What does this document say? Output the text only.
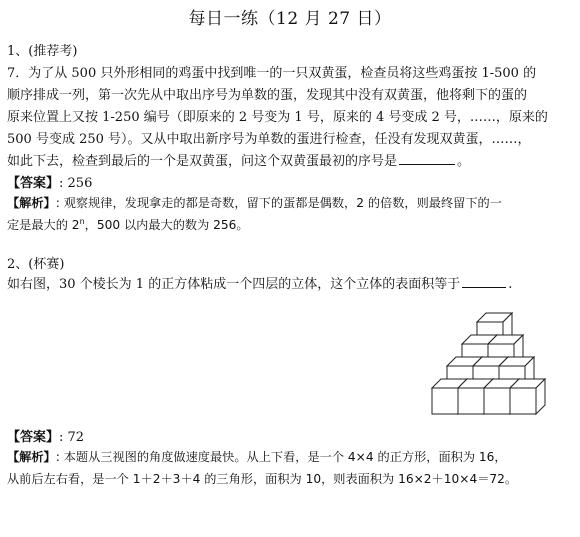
每日一练（12 月 27 日）
1、(推荐考)
7．为了从 500 只外形相同的鸡蛋中找到唯一的一只双黄蛋，检查员将这些鸡蛋按 1-500 的
顺序排成一列，第一次先从中取出序号为单数的蛋，发现其中没有双黄蛋，他将剩下的蛋的
原来位置上又按 1-250 编号（即原来的 2 号变为 1 号，原来的 4 号变成 2 号，……，原来的
500 号变成 250 号）。又从中取出新序号为单数的蛋进行检查，任没有发现双黄蛋，……，
如此下去，检查到最后的一个是双黄蛋，问这个双黄蛋最初的序号是	。
【答案】: 256
【解析】: 观察规律，发现拿走的都是奇数，留下的蛋都是偶数，2 的倍数，则最终留下的一
定是最大的 2$^n$，500 以内最大的数为 256。
2、(杯赛)
如右图，30 个棱长为 1 的正方体粘成一个四层的立体，这个立体的表面积等于	.
【答案】: 72
【解析】: 本题从三视图的角度做速度最快。从上下看，是一个 4×4 的正方形，面积为 16，
从前后左右看，是一个 1＋2＋3＋4 的三角形，面积为 10，则表面积为 16×2＋10×4＝72。
